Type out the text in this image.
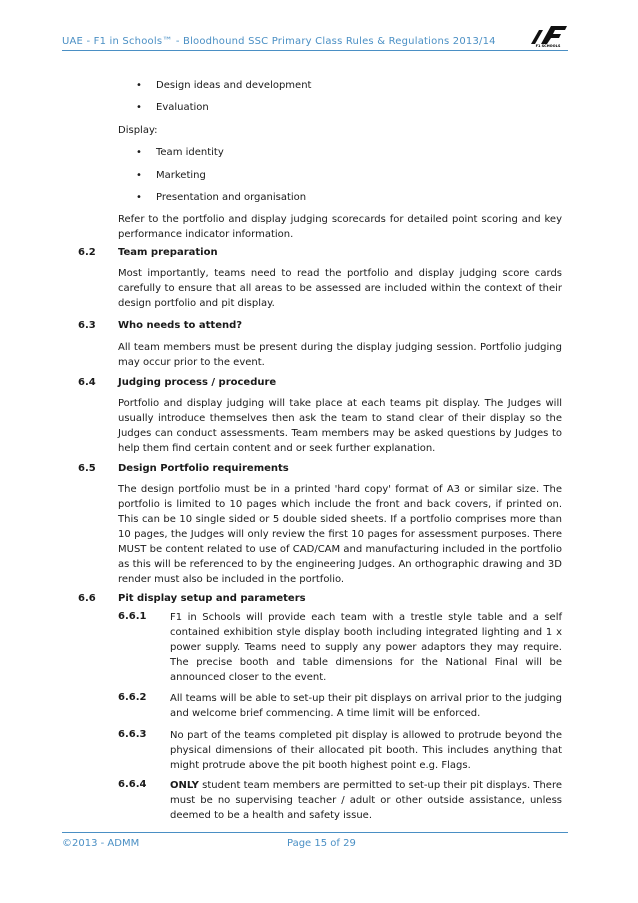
UAE - F1 in Schools™ - Bloodhound SSC Primary Class Rules & Regulations 2013/14	F1 SCHOOLS
• Design ideas and development
• Evaluation
Display:
• Team identity
• Marketing
• Presentation and organisation
Refer to the portfolio and display judging scorecards for detailed point scoring and key performance indicator information.
6.2 Team preparation
Most importantly, teams need to read the portfolio and display judging score cards carefully to ensure that all areas to be assessed are included within the context of their design portfolio and pit display.
6.3 Who needs to attend?
All team members must be present during the display judging session. Portfolio judging may occur prior to the event.
6.4 Judging process / procedure
Portfolio and display judging will take place at each teams pit display. The Judges will usually introduce themselves then ask the team to stand clear of their display so the Judges can conduct assessments. Team members may be asked questions by Judges to help them find certain content and or seek further explanation.
6.5 Design Portfolio requirements
The design portfolio must be in a printed 'hard copy' format of A3 or similar size. The portfolio is limited to 10 pages which include the front and back covers, if printed on. This can be 10 single sided or 5 double sided sheets. If a portfolio comprises more than 10 pages, the Judges will only review the first 10 pages for assessment purposes. There MUST be content related to use of CAD/CAM and manufacturing included in the portfolio as this will be referenced to by the engineering Judges. An orthographic drawing and 3D render must also be included in the portfolio.
6.6 Pit display setup and parameters
6.6.1 F1 in Schools will provide each team with a trestle style table and a self contained exhibition style display booth including integrated lighting and 1 x power supply. Teams need to supply any power adaptors they may require. The precise booth and table dimensions for the National Final will be announced closer to the event.
6.6.2 All teams will be able to set-up their pit displays on arrival prior to the judging and welcome brief commencing. A time limit will be enforced.
6.6.3 No part of the teams completed pit display is allowed to protrude beyond the physical dimensions of their allocated pit booth. This includes anything that might protrude above the pit booth highest point e.g. Flags.
6.6.4 ONLY student team members are permitted to set-up their pit displays. There must be no supervising teacher / adult or other outside assistance, unless deemed to be a health and safety issue.
©2013 - ADMM	Page 15 of 29
